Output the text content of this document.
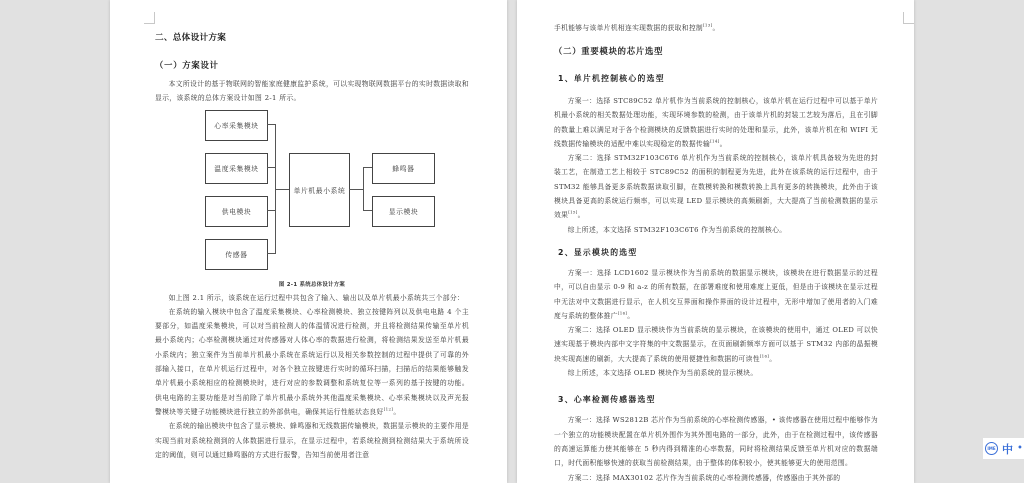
二、总体设计方案
（一）方案设计

本文所设计的基于物联网的智能家庭健康监护系统，可以实现物联网数据平台的实时数据读取和显示，该系统的总体方案设计如图 2-1 所示。

心率采集模块
温度采集模块
供电模块
传感器
单片机最小系统
蜂鸣器
显示模块
图 2-1 系统总体设计方案

如上图 2.1 所示，该系统在运行过程中共包含了输入、输出以及单片机最小系统共三个部分：

在系统的输入模块中包含了温度采集模块、心率检测模块、独立按键阵列以及供电电路 4 个主要部分，如温度采集模块，可以对当前检测人的体温情况进行检测，并且将检测结果传输至单片机最小系统内；心率检测模块通过对传感器对人体心率的数据进行检测，将检测结果发送至单片机最小系统内；独立案件为当前单片机最小系统在系统运行以及相关参数控制的过程中提供了可靠的外部输入接口，在单片机运行过程中，对各个独立按键进行实时的循环扫描，扫描后的结果能够触发单片机最小系统相应的检测模块时，进行对应的参数调整和系统复位等一系列的基于按键的功能。供电电路的主要功能是对当前除了单片机最小系统外其他温度采集模块、心率采集模块以及声光报警模块等关键子功能模块进行独立的外部供电，确保其运行性能状态良好[12]。

在系统的输出模块中包含了显示模块、蜂鸣器和无线数据传输模块，数据显示模块的主要作用是实现当前对系统检测到的人体数据进行显示，在显示过程中，若系统检测到检测结果大于系统所设定的阈值，则可以通过蜂鸣器的方式进行报警，告知当前使用者注意

手机能够与该单片机相连实现数据的获取和控制[13]。

（二）重要模块的芯片选型
1、单片机控制核心的选型

方案一：选择 STC89C52 单片机作为当前系统的控制核心，该单片机在运行过程中可以基于单片机最小系统的相关数据处理功能，实现环境参数的检测，由于该单片机的封装工艺较为落后，且在引脚的数量上难以满足对于各个检测模块的反馈数据进行实时的处理和显示，此外，该单片机在和 WIFI 无线数据传输模块的适配中难以实现稳定的数据传输[14]。

方案二：选择 STM32F103C6T6 单片机作为当前系统的控制核心，该单片机具备较为先进的封装工艺，在制造工艺上相较于 STC89C52 的面积的制程更为先进，此外在该系统的运行过程中，由于 STM32 能够具备更多系统数据读取引脚，在数模转换和模数转换上具有更多的转换模块，此外由于该模块具备更高的系统运行频率，可以实现 LED 显示模块的高频刷新，大大提高了当前检测数据的显示效果[15]。

综上所述，本文选择 STM32F103C6T6 作为当前系统的控制核心。

2、显示模块的选型

方案一：选择 LCD1602 显示模块作为当前系统的数据显示模块，该模块在进行数据显示的过程中，可以自由显示 0-9 和 a-z 的所有数据，在部署难度和使用难度上更低，但是由于该模块在显示过程中无法对中文数据进行显示，在人机交互界面和操作界面的设计过程中，无形中增加了使用者的入门难度与系统的整体推广[16]。

方案二：选择 OLED 显示模块作为当前系统的显示模块，在该模块的使用中，通过 OLED 可以快速实现基于模块内部中文字符集的中文数据显示，在页面刷新频率方面可以基于 STM32 内部的晶振模块实现高速的刷新，大大提高了系统的使用便捷性和数据的可读性[16]。

综上所述，本文选择 OLED 模块作为当前系统的显示模块。

3、心率检测传感器选型

方案一：选择 WS2812B 芯片作为当前系统的心率检测传感器，• 该传感器在使用过程中能够作为一个独立的功能模块配置在单片机外围作为其外围电路的一部分，此外，由于在检测过程中，该传感器的高速运算能力使其能够在 5 秒内得到精准的心率数据，同时将检测结果反馈至单片机对应的数据端口，时代面积能够快速的获取当前检测结果，由于整体的体积较小，使其能够更大的使用范围。

方案二：选择 MAX30102 芯片作为当前系统的心率检测传感器，传感器由于其外部的

IME 中 •
